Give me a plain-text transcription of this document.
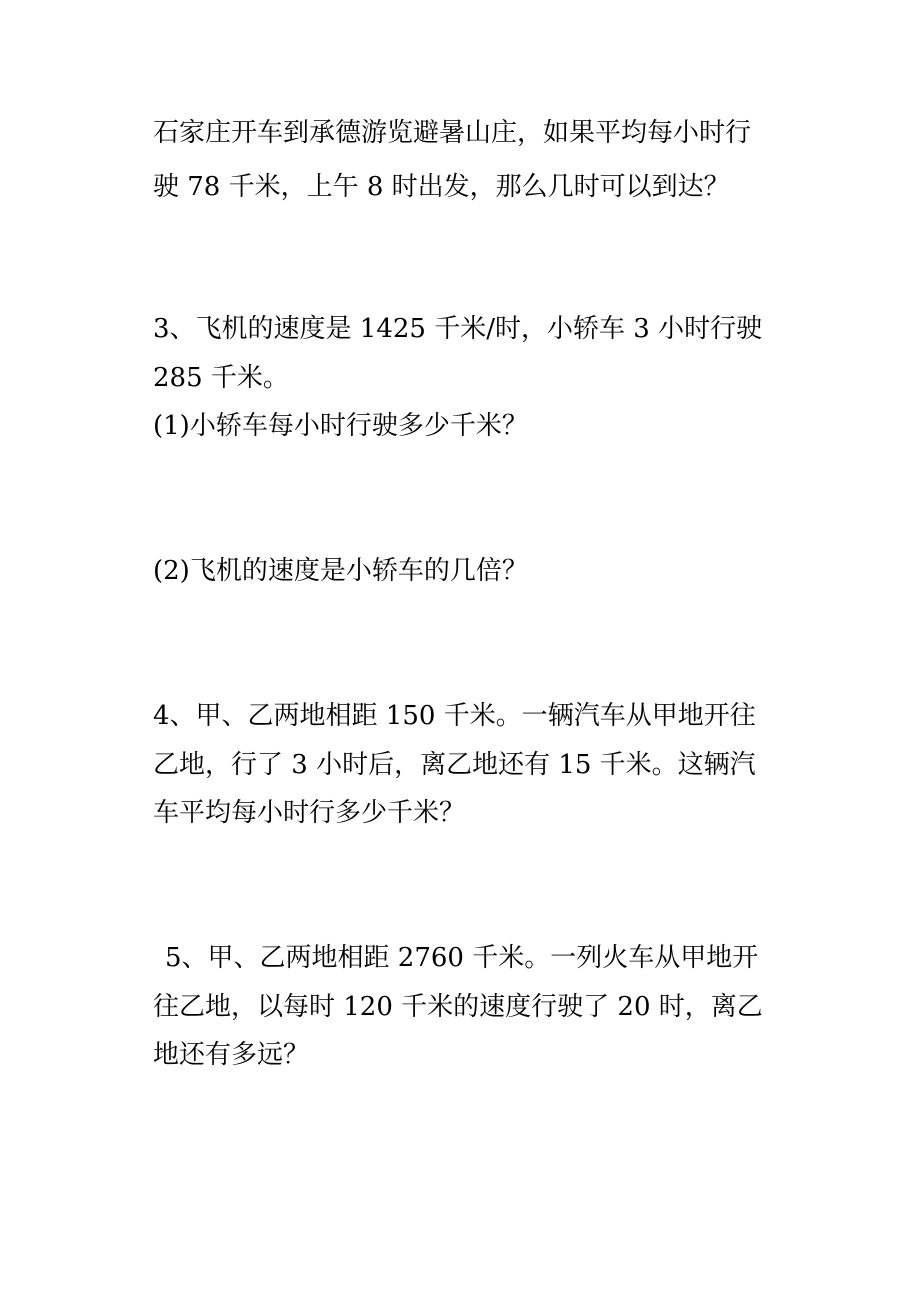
石家庄开车到承德游览避暑山庄，如果平均每小时行
驶 78 千米，上午 8 时出发，那么几时可以到达？
3、飞机的速度是 1425 千米/时，小轿车 3 小时行驶
285 千米。
(1)小轿车每小时行驶多少千米？
(2)飞机的速度是小轿车的几倍？
4、甲、乙两地相距 150 千米。一辆汽车从甲地开往
乙地，行了 3 小时后，离乙地还有 15 千米。这辆汽
车平均每小时行多少千米？
5、甲、乙两地相距 2760 千米。一列火车从甲地开
往乙地，以每时 120 千米的速度行驶了 20 时，离乙
地还有多远？
